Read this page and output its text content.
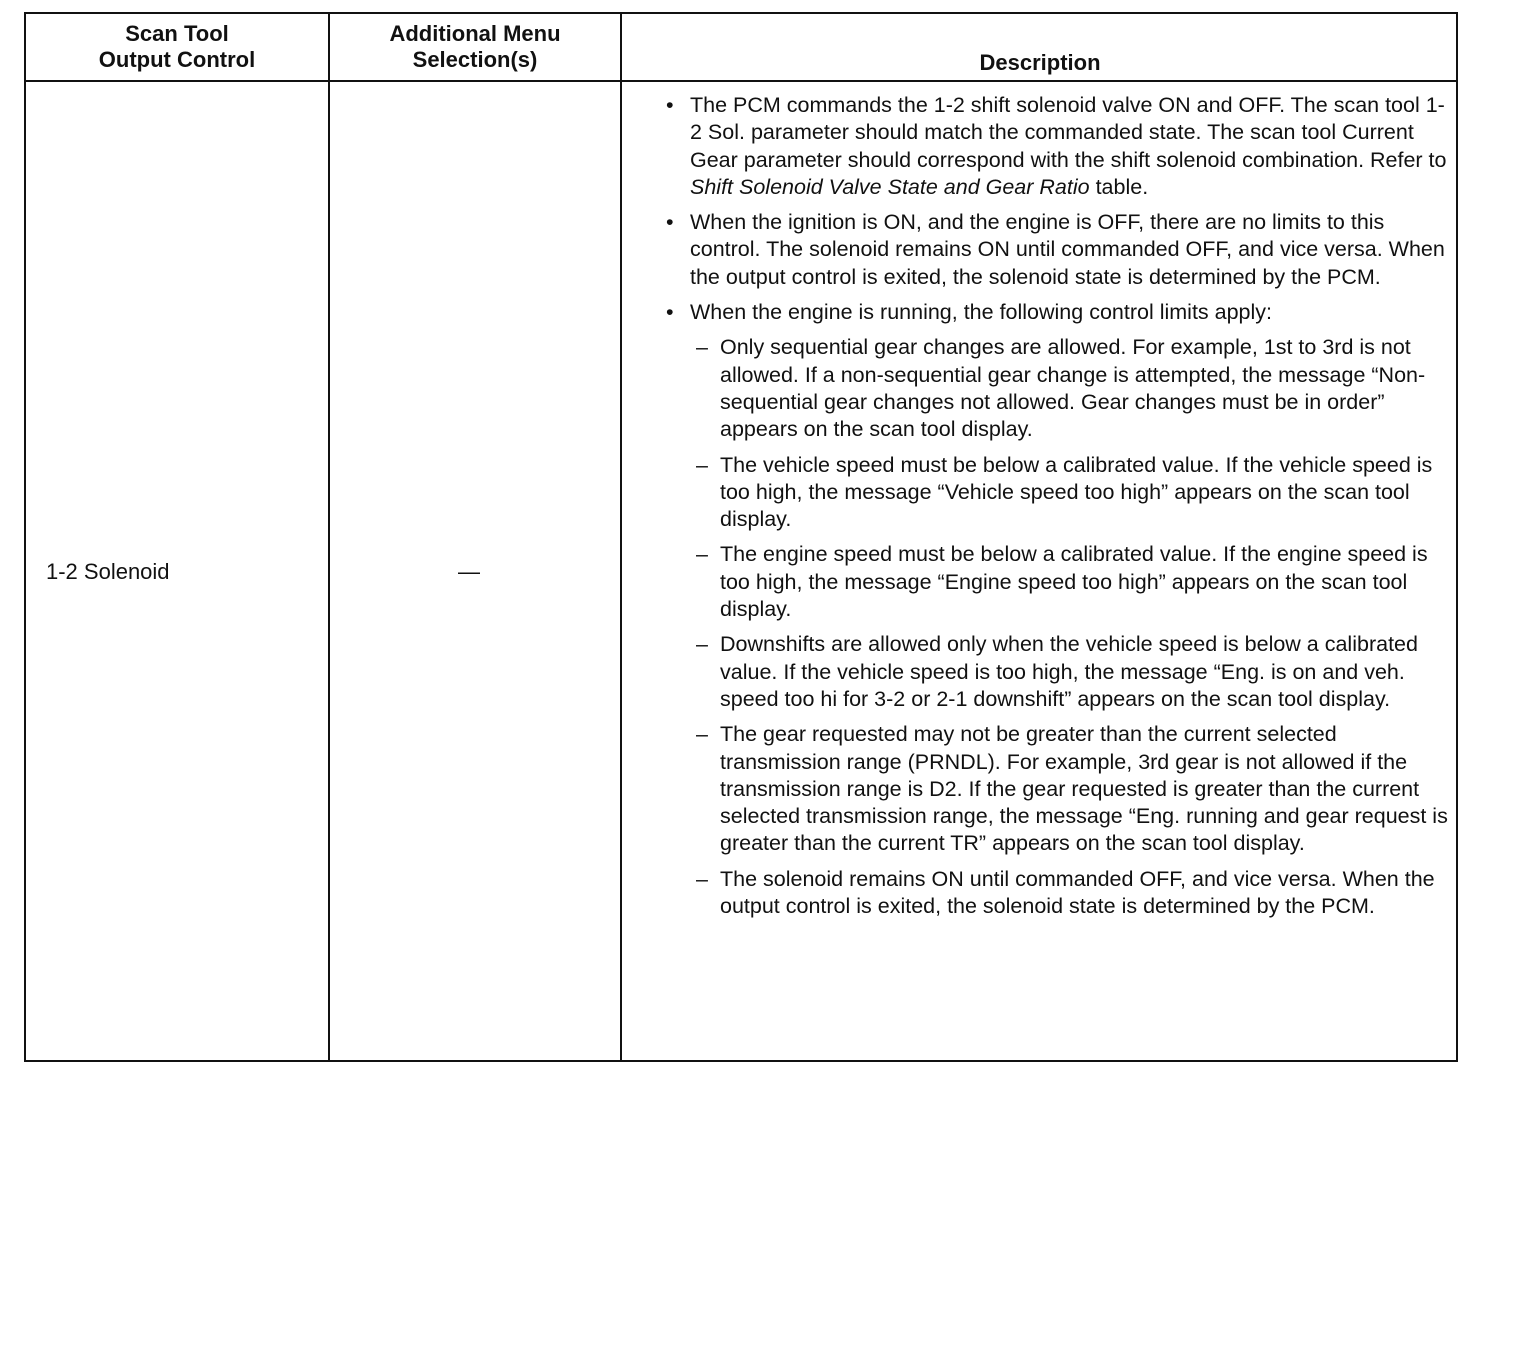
Scan Tool
Output Control
Additional Menu
Selection(s)	Description
1-2 Solenoid	—
• The PCM commands the 1-2 shift solenoid valve ON and OFF. The scan tool 1-2 Sol. parameter should match the commanded state. The scan tool Current Gear parameter should correspond with the shift solenoid combination. Refer to Shift Solenoid Valve State and Gear Ratio table.
• When the ignition is ON, and the engine is OFF, there are no limits to this control. The solenoid remains ON until commanded OFF, and vice versa. When the output control is exited, the solenoid state is determined by the PCM.
• When the engine is running, the following control limits apply:
– Only sequential gear changes are allowed. For example, 1st to 3rd is not allowed. If a non-sequential gear change is attempted, the message “Non-sequential gear changes not allowed. Gear changes must be in order” appears on the scan tool display.
– The vehicle speed must be below a calibrated value. If the vehicle speed is too high, the message “Vehicle speed too high” appears on the scan tool display.
– The engine speed must be below a calibrated value. If the engine speed is too high, the message “Engine speed too high” appears on the scan tool display.
– Downshifts are allowed only when the vehicle speed is below a calibrated value. If the vehicle speed is too high, the message “Eng. is on and veh. speed too hi for 3-2 or 2-1 downshift” appears on the scan tool display.
– The gear requested may not be greater than the current selected transmission range (PRNDL). For example, 3rd gear is not allowed if the transmission range is D2. If the gear requested is greater than the current selected transmission range, the message “Eng. running and gear request is greater than the current TR” appears on the scan tool display.
– The solenoid remains ON until commanded OFF, and vice versa. When the output control is exited, the solenoid state is determined by the PCM.
